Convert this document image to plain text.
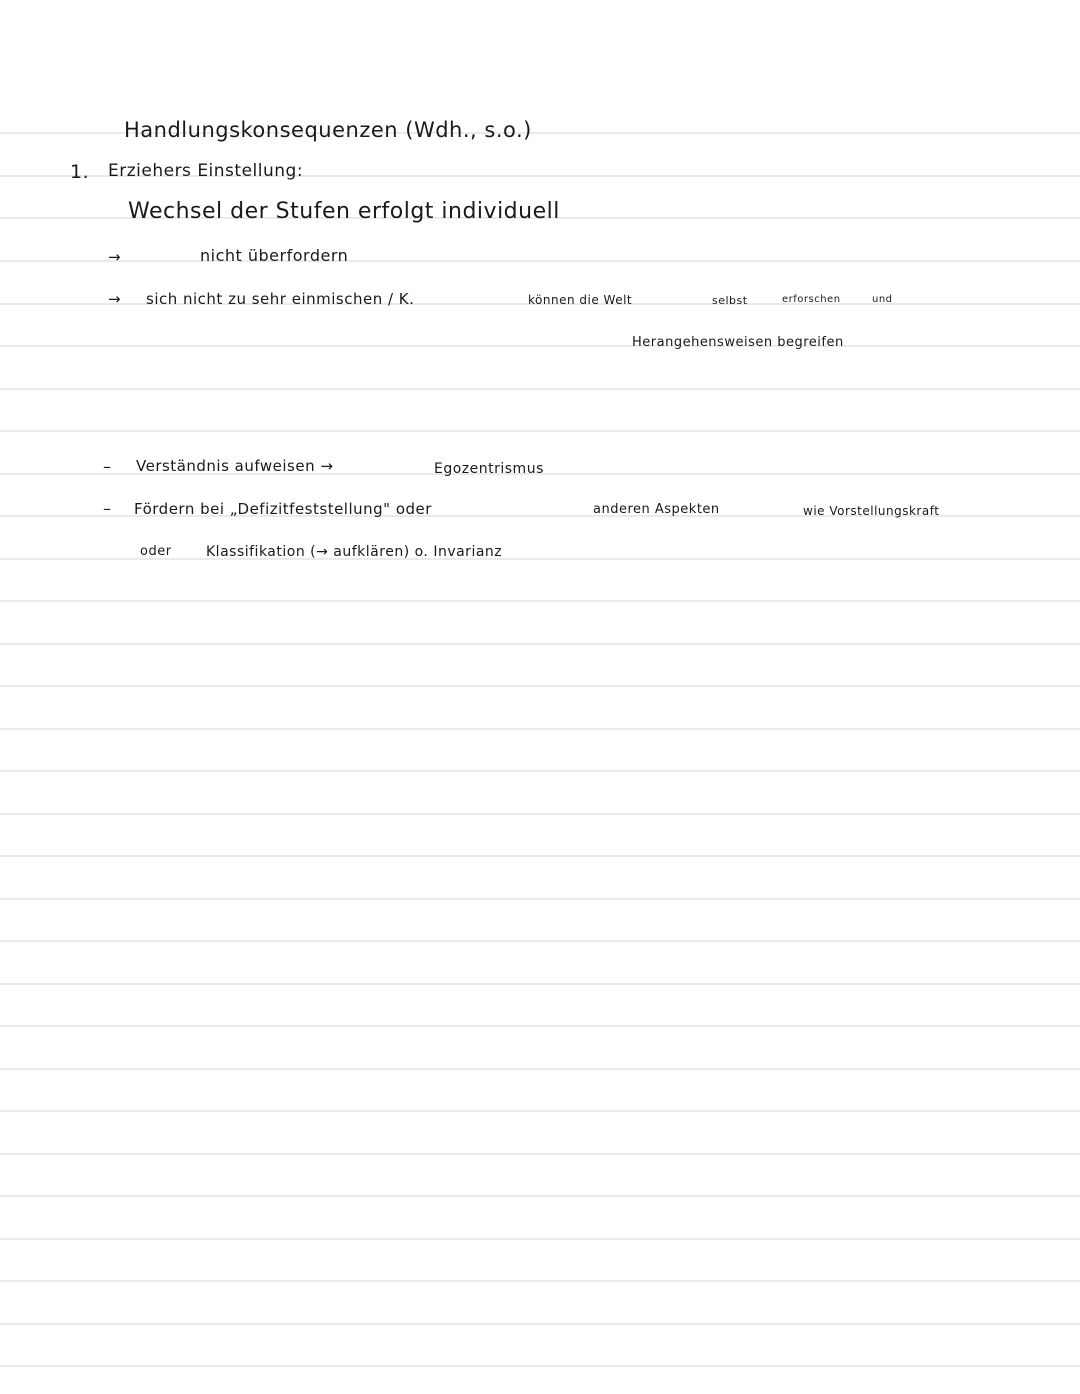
Handlungskonsequenzen (Wdh., s.o.)
1. Erziehers Einstellung:
Wechsel der Stufen erfolgt individuell
→	nicht überfordern
→ sich nicht zu sehr einmischen / K.	können die Welt	selbst	erforschen	und
Herangehensweisen begreifen
– Verständnis aufweisen →	Egozentrismus
– Fördern bei „Defizitfeststellung" oder	anderen Aspekten	wie Vorstellungskraft
oder Klassifikation (→ aufklären) o. Invarianz
